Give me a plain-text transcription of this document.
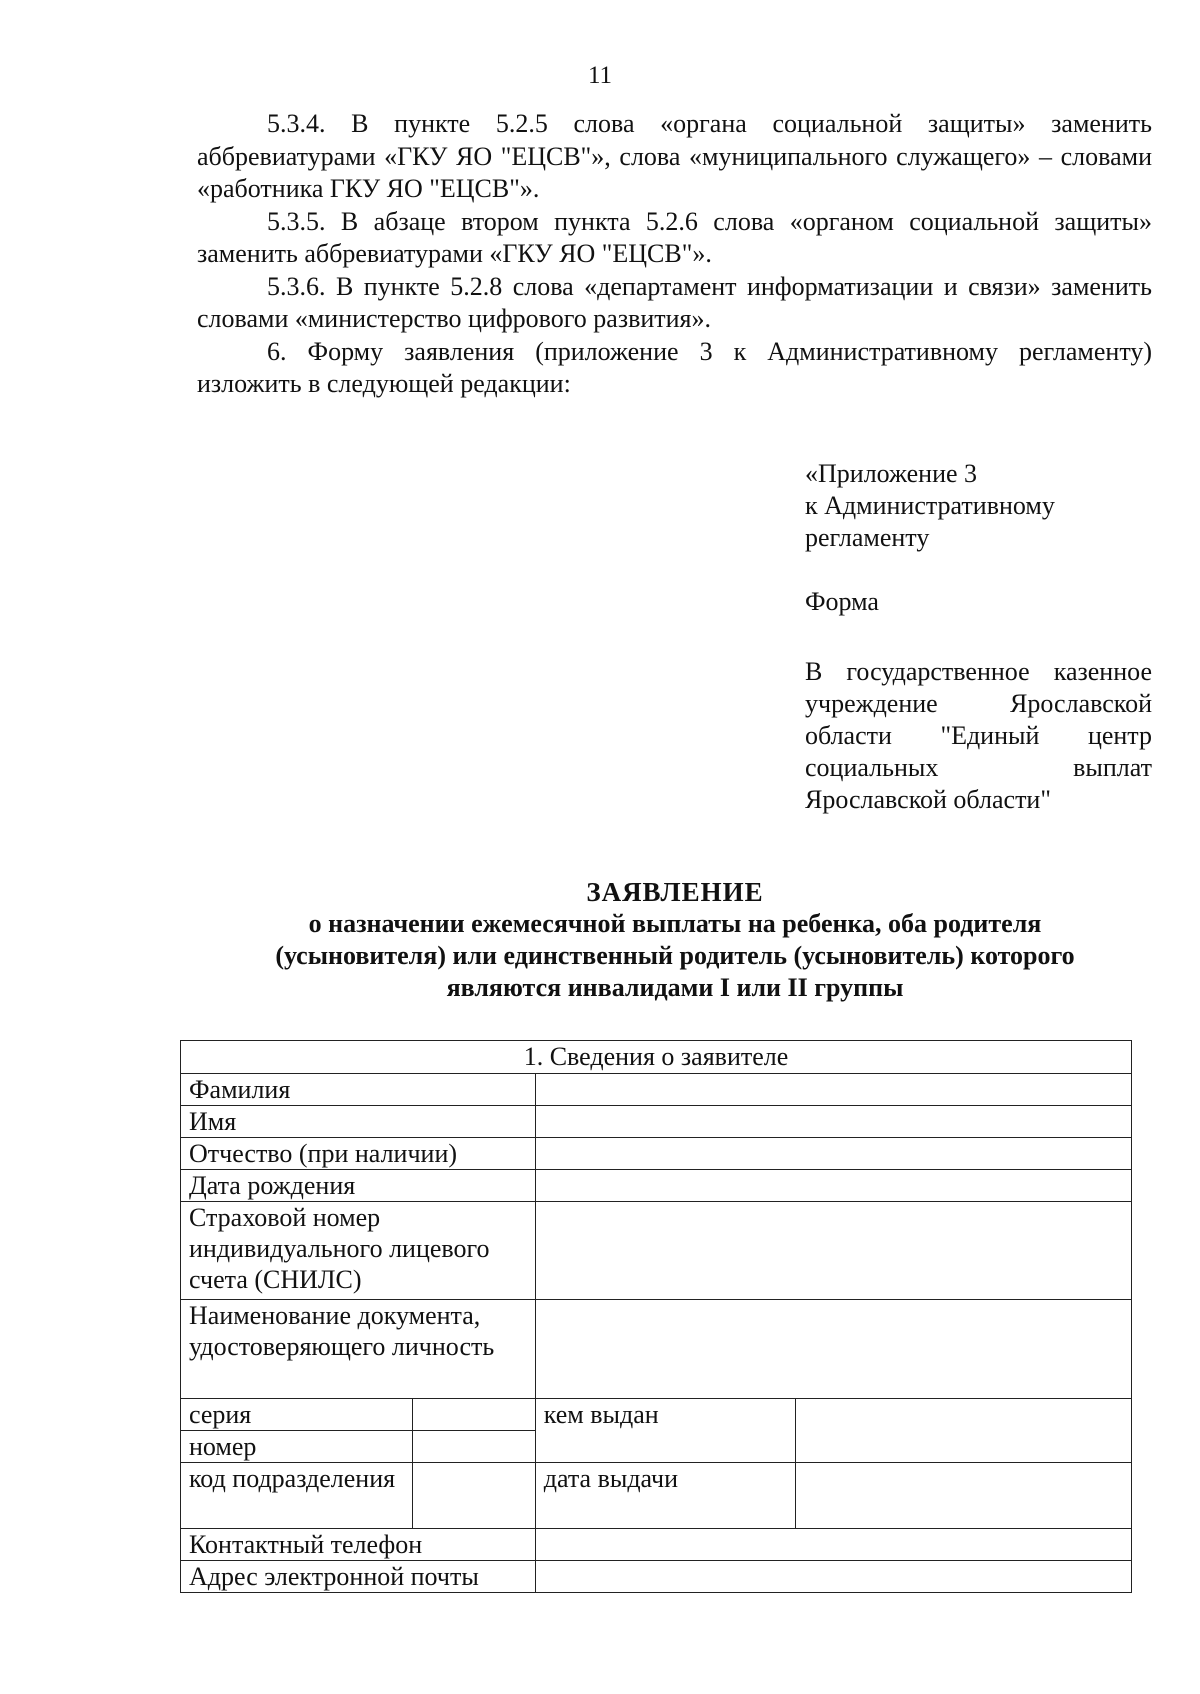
11

5.3.4. В пункте 5.2.5 слова «органа социальной защиты» заменить аббревиатурами «ГКУ ЯО "ЕЦСВ"», слова «муниципального служащего» – словами «работника ГКУ ЯО "ЕЦСВ"».

5.3.5. В абзаце втором пункта 5.2.6 слова «органом социальной защиты» заменить аббревиатурами «ГКУ ЯО "ЕЦСВ"».

5.3.6. В пункте 5.2.8 слова «департамент информатизации и связи» заменить словами «министерство цифрового развития».

6. Форму заявления (приложение 3 к Административному регламенту) изложить в следующей редакции:

«Приложение 3
к Административному
регламенту
Форма
В государственное казенное учреждение Ярославской области "Единый центр социальных выплат Ярославской области"
ЗАЯВЛЕНИЕ
о назначении ежемесячной выплаты на ребенка, оба родителя
(усыновителя) или единственный родитель (усыновитель) которого
являются инвалидами I или II группы
1. Сведения о заявителе			
Фамилия			
Имя			
Отчество (при наличии)			
Дата рождения			
Страховой номер индивидуального лицевого счета (СНИЛС)			
Наименование документа, удостоверяющего личность			
серия		кем выдан	
номер			
код подразделения		дата выдачи	
Контактный телефон			
Адрес электронной почты			
